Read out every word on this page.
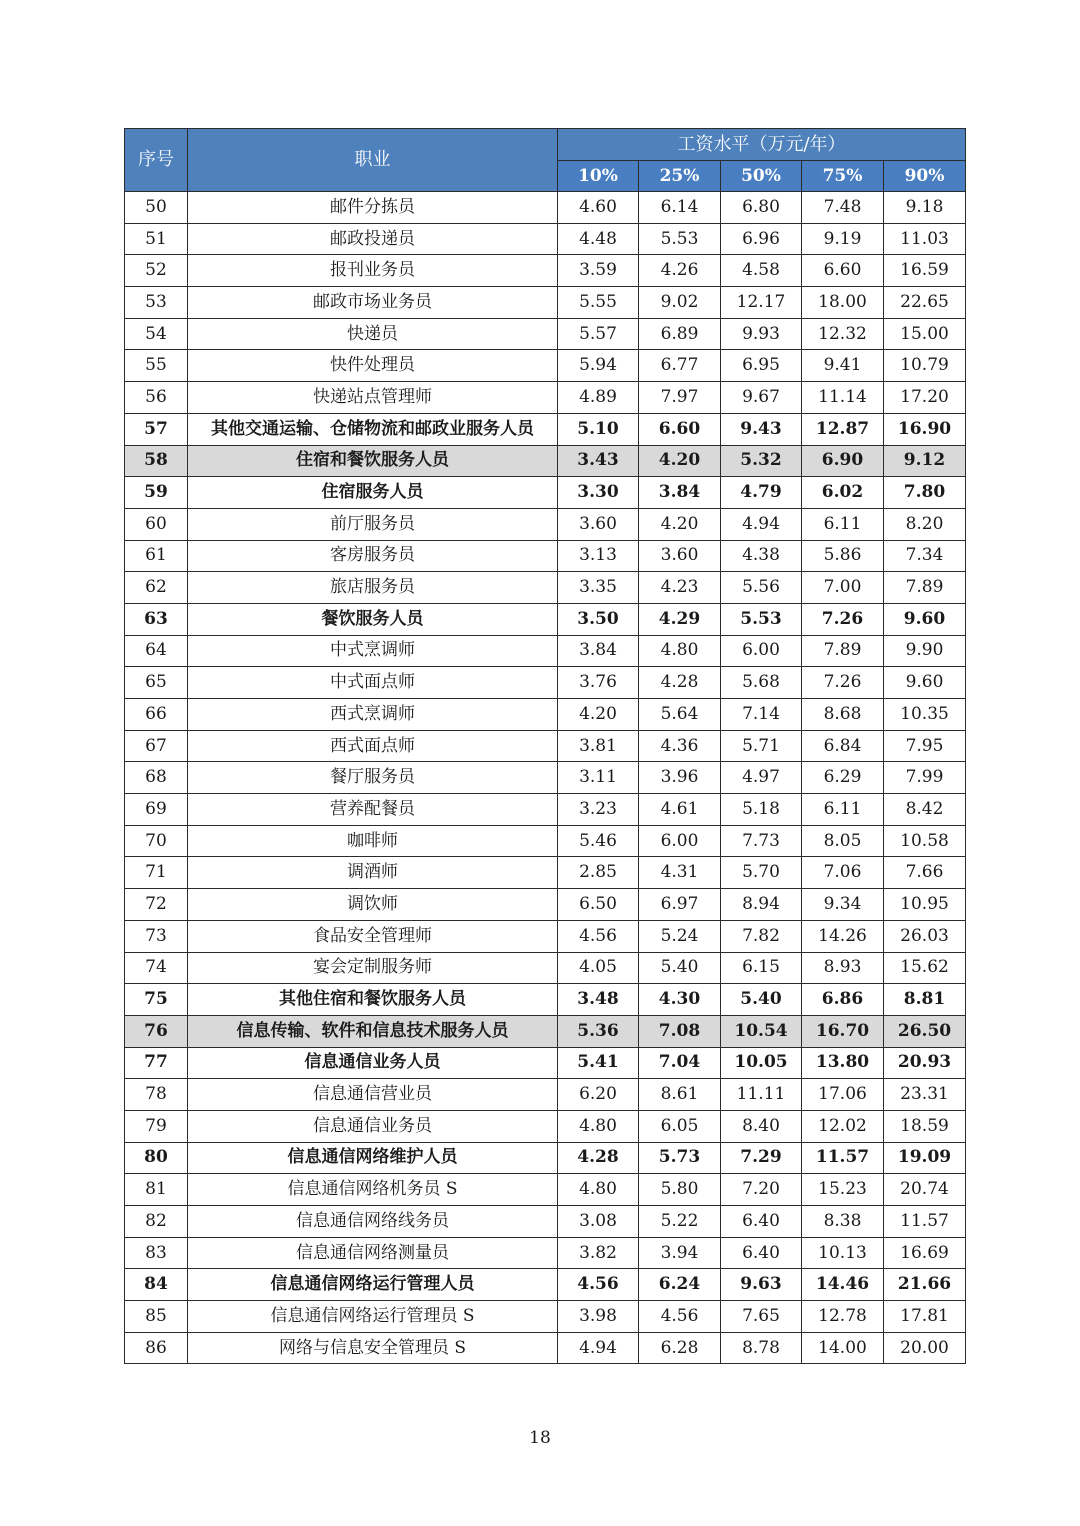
序号	职业	工资水平（万元/年）				
		10%	25%	50%	75%	90%
50	邮件分拣员	4.60	6.14	6.80	7.48	9.18
51	邮政投递员	4.48	5.53	6.96	9.19	11.03
52	报刊业务员	3.59	4.26	4.58	6.60	16.59
53	邮政市场业务员	5.55	9.02	12.17	18.00	22.65
54	快递员	5.57	6.89	9.93	12.32	15.00
55	快件处理员	5.94	6.77	6.95	9.41	10.79
56	快递站点管理师	4.89	7.97	9.67	11.14	17.20
57	其他交通运输、仓储物流和邮政业服务人员	5.10	6.60	9.43	12.87	16.90
58	住宿和餐饮服务人员	3.43	4.20	5.32	6.90	9.12
59	住宿服务人员	3.30	3.84	4.79	6.02	7.80
60	前厅服务员	3.60	4.20	4.94	6.11	8.20
61	客房服务员	3.13	3.60	4.38	5.86	7.34
62	旅店服务员	3.35	4.23	5.56	7.00	7.89
63	餐饮服务人员	3.50	4.29	5.53	7.26	9.60
64	中式烹调师	3.84	4.80	6.00	7.89	9.90
65	中式面点师	3.76	4.28	5.68	7.26	9.60
66	西式烹调师	4.20	5.64	7.14	8.68	10.35
67	西式面点师	3.81	4.36	5.71	6.84	7.95
68	餐厅服务员	3.11	3.96	4.97	6.29	7.99
69	营养配餐员	3.23	4.61	5.18	6.11	8.42
70	咖啡师	5.46	6.00	7.73	8.05	10.58
71	调酒师	2.85	4.31	5.70	7.06	7.66
72	调饮师	6.50	6.97	8.94	9.34	10.95
73	食品安全管理师	4.56	5.24	7.82	14.26	26.03
74	宴会定制服务师	4.05	5.40	6.15	8.93	15.62
75	其他住宿和餐饮服务人员	3.48	4.30	5.40	6.86	8.81
76	信息传输、软件和信息技术服务人员	5.36	7.08	10.54	16.70	26.50
77	信息通信业务人员	5.41	7.04	10.05	13.80	20.93
78	信息通信营业员	6.20	8.61	11.11	17.06	23.31
79	信息通信业务员	4.80	6.05	8.40	12.02	18.59
80	信息通信网络维护人员	4.28	5.73	7.29	11.57	19.09
81	信息通信网络机务员 S	4.80	5.80	7.20	15.23	20.74
82	信息通信网络线务员	3.08	5.22	6.40	8.38	11.57
83	信息通信网络测量员	3.82	3.94	6.40	10.13	16.69
84	信息通信网络运行管理人员	4.56	6.24	9.63	14.46	21.66
85	信息通信网络运行管理员 S	3.98	4.56	7.65	12.78	17.81
86	网络与信息安全管理员 S	4.94	6.28	8.78	14.00	20.00
18
